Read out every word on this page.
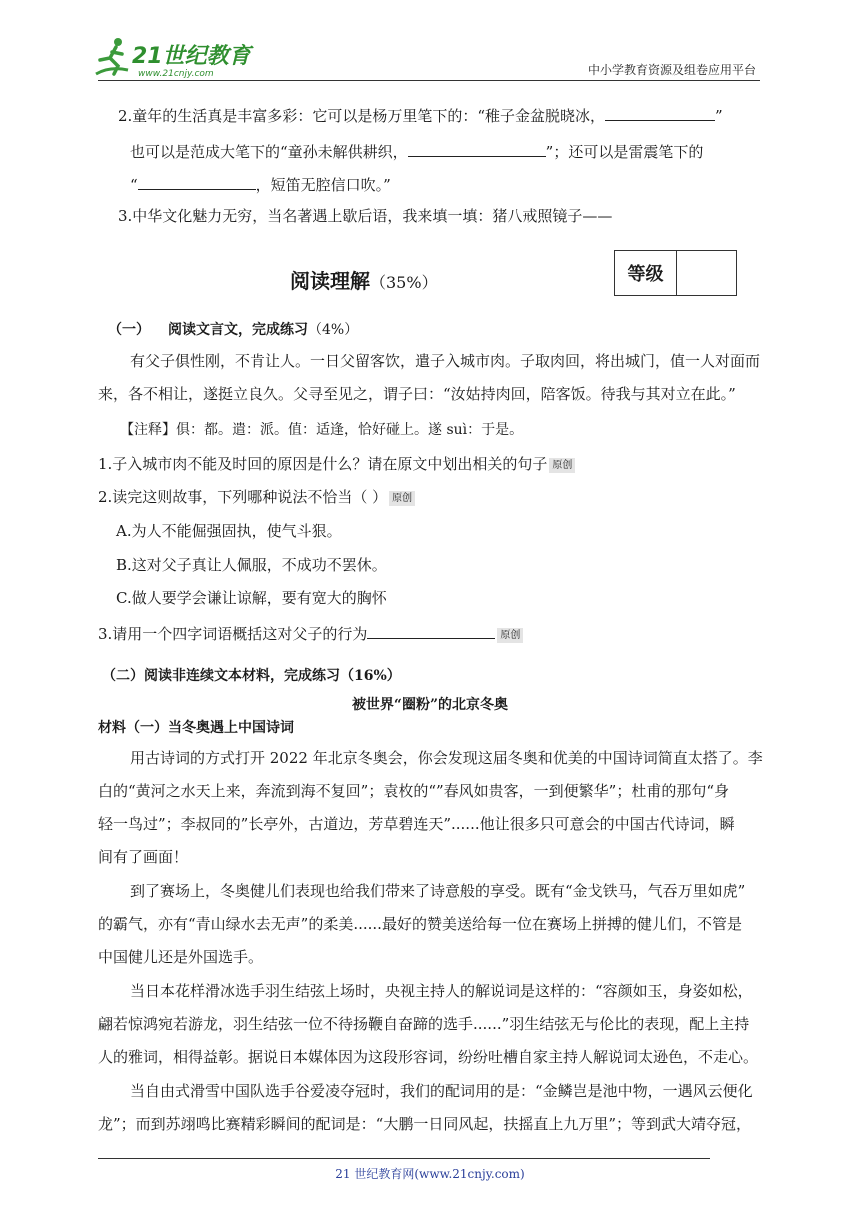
21世纪教育
www.21cnjy.com	中小学教育资源及组卷应用平台
2.童年的生活真是丰富多彩：它可以是杨万里笔下的：“稚子金盆脱晓冰，	”
也可以是范成大笔下的“童孙未解供耕织，	”；还可以是雷震笔下的
“	，短笛无腔信口吹。”
3.中华文化魅力无穷，当名著遇上歇后语，我来填一填：猪八戒照镜子——
阅读理解（35%）	等级
（一） 阅读文言文，完成练习（4%）
有父子俱性刚，不肯让人。一日父留客饮，遣子入城市肉。子取肉回，将出城门，值一人对面而
来，各不相让，遂挺立良久。父寻至见之，谓子曰：“汝姑持肉回，陪客饭。待我与其对立在此。”
【注释】俱：都。遣：派。值：适逢，恰好碰上。遂 suì：于是。
1.子入城市肉不能及时回的原因是什么？请在原文中划出相关的句子 原创
2.读完这则故事，下列哪种说法不恰当（ ） 原创
A.为人不能倔强固执，使气斗狠。
B.这对父子真让人佩服，不成功不罢休。
C.做人要学会谦让谅解，要有宽大的胸怀
3.请用一个四字词语概括这对父子的行为	原创
（二）阅读非连续文本材料，完成练习（16%）
被世界“圈粉”的北京冬奥
材料（一）当冬奥遇上中国诗词
用古诗词的方式打开 2022 年北京冬奥会，你会发现这届冬奥和优美的中国诗词简直太搭了。李
白的“黄河之水天上来，奔流到海不复回”；袁枚的“”春风如贵客，一到便繁华”；杜甫的那句“身
轻一鸟过”；李叔同的”长亭外，古道边，芳草碧连天”......他让很多只可意会的中国古代诗词，瞬
间有了画面！
到了赛场上，冬奥健儿们表现也给我们带来了诗意般的享受。既有“金戈铁马，气吞万里如虎”
的霸气，亦有“青山绿水去无声”的柔美......最好的赞美送给每一位在赛场上拼搏的健儿们，不管是
中国健儿还是外国选手。
当日本花样滑冰选手羽生结弦上场时，央视主持人的解说词是这样的：“容颜如玉，身姿如松，
翩若惊鸿宛若游龙，羽生结弦一位不待扬鞭自奋蹄的选手......”羽生结弦无与伦比的表现，配上主持
人的雅词，相得益彰。据说日本媒体因为这段形容词，纷纷吐槽自家主持人解说词太逊色，不走心。
当自由式滑雪中国队选手谷爱凌夺冠时，我们的配词用的是：“金鳞岂是池中物，一遇风云便化
龙”；而到苏翊鸣比赛精彩瞬间的配词是：“大鹏一日同风起，扶摇直上九万里”；等到武大靖夺冠，
21 世纪教育网(www.21cnjy.com)
